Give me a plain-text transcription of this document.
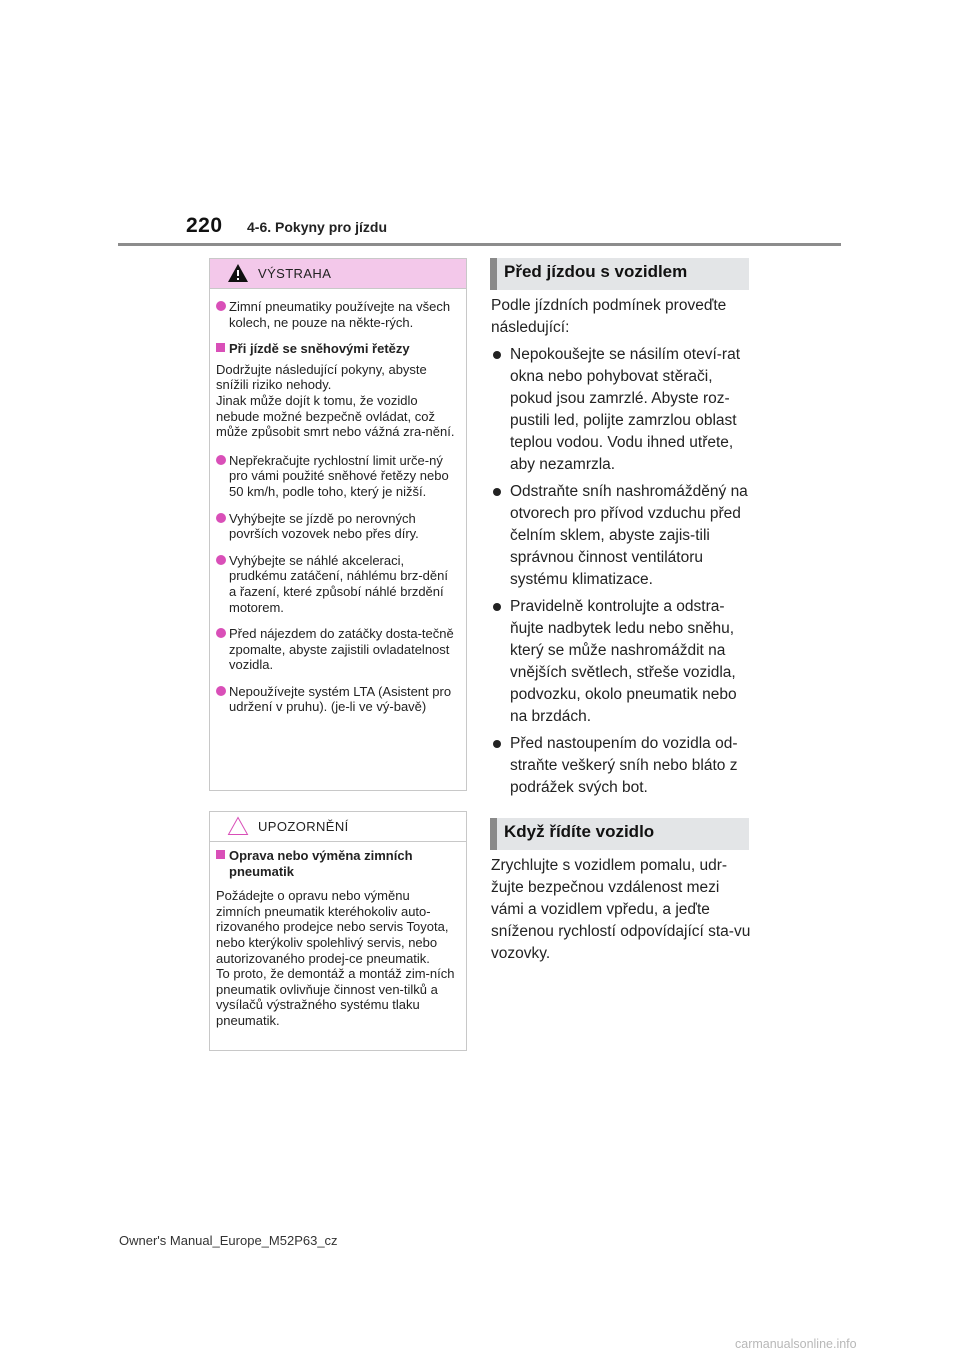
220 4-6. Pokyny pro jízdu
VÝSTRAHA
Zimní pneumatiky používejte na všech kolech, ne pouze na někte-rých.
Při jízdě se sněhovými řetězy
Dodržujte následující pokyny, abyste snížili riziko nehody.
Jinak může dojít k tomu, že vozidlo nebude možné bezpečně ovládat, což může způsobit smrt nebo vážná zra-nění.
Nepřekračujte rychlostní limit urče-ný pro vámi použité sněhové řetězy nebo 50 km/h, podle toho, který je nižší.
Vyhýbejte se jízdě po nerovných površích vozovek nebo přes díry.
Vyhýbejte se náhlé akceleraci, prudkému zatáčení, náhlému brz-dění a řazení, které způsobí náhlé brzdění motorem.
Před nájezdem do zatáčky dosta-tečně zpomalte, abyste zajistili ovladatelnost vozidla.
Nepoužívejte systém LTA (Asistent pro udržení v pruhu). (je-li ve vý-bavě)
UPOZORNĚNÍ
Oprava nebo výměna zimních pneumatik
Požádejte o opravu nebo výměnu zimních pneumatik kteréhokoliv auto-rizovaného prodejce nebo servis Toyota, nebo kterýkoliv spolehlivý servis, nebo autorizovaného prodej-ce pneumatik.
To proto, že demontáž a montáž zim-ních pneumatik ovlivňuje činnost ven-tilků a vysílačů výstražného systému tlaku pneumatik.
Před jízdou s vozidlem
Podle jízdních podmínek proveďte následující:
Nepokoušejte se násilím oteví-rat okna nebo pohybovat stěrači, pokud jsou zamrzlé. Abyste roz-pustili led, polijte zamrzlou oblast teplou vodou. Vodu ihned utřete, aby nezamrzla.
Odstraňte sníh nashromážděný na otvorech pro přívod vzduchu před čelním sklem, abyste zajis-tili správnou činnost ventilátoru systému klimatizace.
Pravidelně kontrolujte a odstra-ňujte nadbytek ledu nebo sněhu, který se může nashromáždit na vnějších světlech, střeše vozidla, podvozku, okolo pneumatik nebo na brzdách.
Před nastoupením do vozidla od-straňte veškerý sníh nebo bláto z podrážek svých bot.
Když řídíte vozidlo
Zrychlujte s vozidlem pomalu, udr-žujte bezpečnou vzdálenost mezi vámi a vozidlem vpředu, a jeďte sníženou rychlostí odpovídající sta-vu vozovky.
Owner's Manual_Europe_M52P63_cz
carmanualsonline.info
